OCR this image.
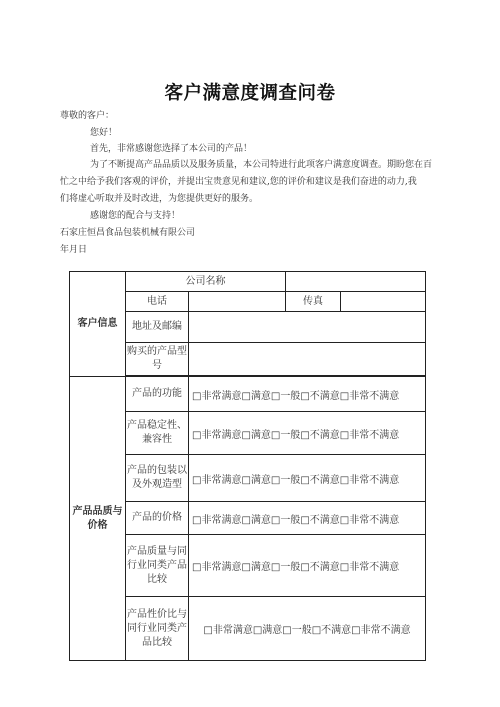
客户满意度调查问卷
尊敬的客户：
您好！
首先，非常感谢您选择了本公司的产品！
为了不断提高产品品质以及服务质量，本公司特进行此项客户满意度调查。期盼您在百
忙之中给予我们客观的评价，并提出宝贵意见和建议,您的评价和建议是我们奋进的动力,我
们将虚心听取并及时改进，为您提供更好的服务。
感谢您的配合与支持！
石家庄恒昌食品包装机械有限公司
年月日
客户信息	公司名称			
	电话		传真	
	地址及邮编			
	购买的产品型号			

产品品质与价格	产品的功能	□非常满意□满意□一般□不满意□非常不满意		
	产品稳定性、兼容性	□非常满意□满意□一般□不满意□非常不满意		
	产品的包装以及外观造型	□非常满意□满意□一般□不满意□非常不满意		
	产品的价格	□非常满意□满意□一般□不满意□非常不满意		
	产品质量与同行业同类产品比较	□非常满意□满意□一般□不满意□非常不满意		
	产品性价比与同行业同类产品比较	□非常满意□满意□一般□不满意□非常不满意		
